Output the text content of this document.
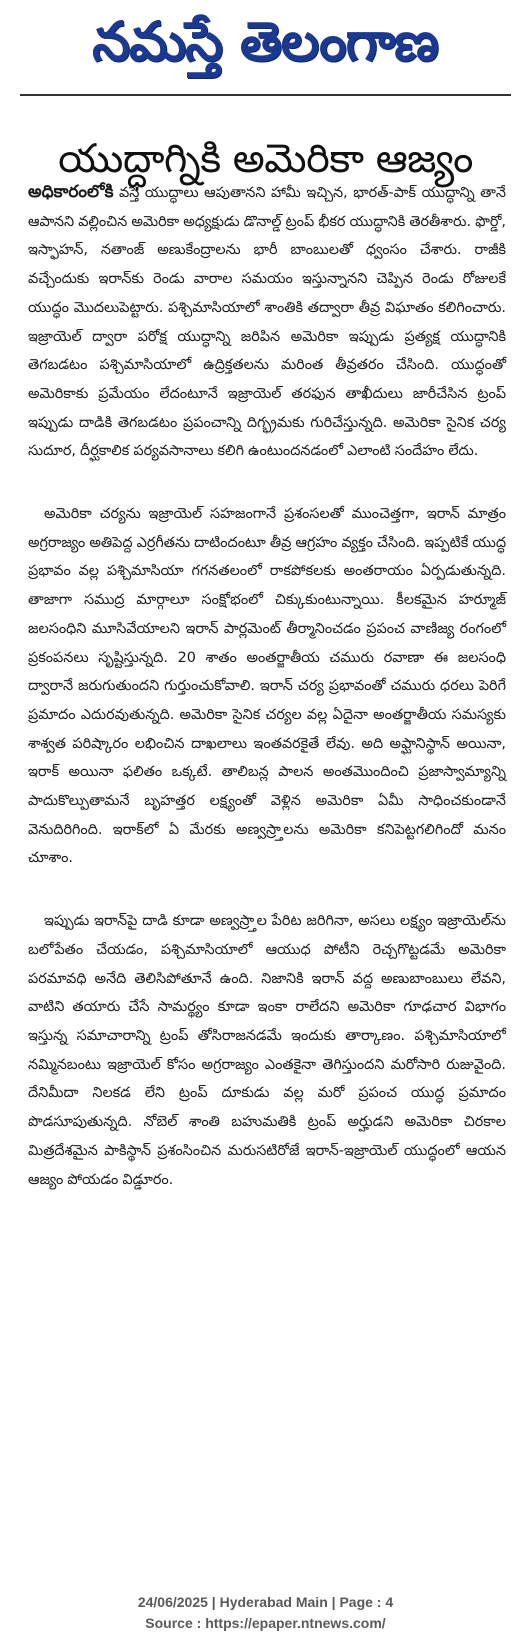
నమస్తే తెలంగాణ
యుద్ధాగ్నికి అమెరికా ఆజ్యం

అధికారంలోకి వస్తే యుద్ధాలు ఆపుతానని హామీ ఇచ్చిన, భారత్-పాక్ యుద్ధాన్ని తానే ఆపానని వల్లించిన అమెరికా అధ్యక్షుడు డొనాల్డ్ ట్రంప్ భీకర యుద్ధానికి తెరతీశారు. ఫొర్డో, ఇస్ఫాహన్, నతాంజ్ అణుకేంద్రాలను భారీ బాంబులతో ధ్వంసం చేశారు. రాజీకి వచ్చేందుకు ఇరాన్‌కు రెండు వారాల సమయం ఇస్తున్నానని చెప్పిన రెండు రోజులకే యుద్ధం మొదలుపెట్టారు. పశ్చిమాసియాలో శాంతికి తద్వారా తీవ్ర విఘాతం కలిగించారు. ఇజ్రాయెల్ ద్వారా పరోక్ష యుద్ధాన్ని జరిపిన అమెరికా ఇప్పుడు ప్రత్యక్ష యుద్ధానికి తెగబడటం పశ్చిమాసియాలో ఉద్రిక్తతలను మరింత తీవ్రతరం చేసింది. యుద్ధంతో అమెరికాకు ప్రమేయం లేదంటూనే ఇజ్రాయెల్ తరఫున తాఖీదులు జారీచేసిన ట్రంప్ ఇప్పుడు దాడికి తెగబడటం ప్రపంచాన్ని దిగ్భ్రమకు గురిచేస్తున్నది. అమెరికా సైనిక చర్య సుదూర, దీర్ఘకాలిక పర్యవసానాలు కలిగి ఉంటుందనడంలో ఎలాంటి సందేహం లేదు.

అమెరికా చర్యను ఇజ్రాయెల్ సహజంగానే ప్రశంసలతో ముంచెత్తగా, ఇరాన్ మాత్రం అగ్రరాజ్యం అతిపెద్ద ఎర్రగీతను దాటిందంటూ తీవ్ర ఆగ్రహం వ్యక్తం చేసింది. ఇప్పటికే యుద్ధ ప్రభావం వల్ల పశ్చిమాసియా గగనతలంలో రాకపోకలకు అంతరాయం ఏర్పడుతున్నది. తాజాగా సముద్ర మార్గాలూ సంక్షోభంలో చిక్కుకుంటున్నాయి. కీలకమైన హర్మూజ్ జలసంధిని మూసివేయాలని ఇరాన్ పార్లమెంట్ తీర్మానించడం ప్రపంచ వాణిజ్య రంగంలో ప్రకంపనలు సృష్టిస్తున్నది. 20 శాతం అంతర్జాతీయ చమురు రవాణా ఈ జలసంధి ద్వారానే జరుగుతుందని గుర్తుంచుకోవాలి. ఇరాన్ చర్య ప్రభావంతో చమురు ధరలు పెరిగే ప్రమాదం ఎదురవుతున్నది. అమెరికా సైనిక చర్యల వల్ల ఏదైనా అంతర్జాతీయ సమస్యకు శాశ్వత పరిష్కారం లభించిన దాఖలాలు ఇంతవరకైతే లేవు. అది అఫ్ఘానిస్థాన్ అయినా, ఇరాక్ అయినా ఫలితం ఒక్కటే. తాలిబన్ల పాలన అంతమొందించి ప్రజాస్వామ్యాన్ని పాదుకొల్పుతామనే బృహత్తర లక్ష్యంతో వెళ్లిన అమెరికా ఏమీ సాధించకుండానే వెనుదిరిగింది. ఇరాక్‌లో ఏ మేరకు అణ్వస్ర్తాలను అమెరికా కనిపెట్టగలిగిందో మనం చూశాం.

ఇప్పుడు ఇరాన్‌పై దాడి కూడా అణ్వస్ర్తాల పేరిట జరిగినా, అసలు లక్ష్యం ఇజ్రాయెల్‌ను బలోపేతం చేయడం, పశ్చిమాసియాలో ఆయుధ పోటీని రెచ్చగొట్టడమే అమెరికా పరమావధి అనేది తెలిసిపోతూనే ఉంది. నిజానికి ఇరాన్ వద్ద అణుబాంబులు లేవని, వాటిని తయారు చేసే సామర్థ్యం కూడా ఇంకా రాలేదని అమెరికా గూఢచార విభాగం ఇస్తున్న సమాచారాన్ని ట్రంప్ తోసిరాజనడమే ఇందుకు తార్కాణం. పశ్చిమాసియాలో నమ్మినబంటు ఇజ్రాయెల్ కోసం అగ్రరాజ్యం ఎంతకైనా తెగిస్తుందని మరోసారి రుజువైంది. దేనిమీదా నిలకడ లేని ట్రంప్ దూకుడు వల్ల మరో ప్రపంచ యుద్ధ ప్రమాదం పొడసూపుతున్నది. నోబెల్ శాంతి బహుమతికి ట్రంప్ అర్హుడని అమెరికా చిరకాల మిత్రదేశమైన పాకిస్థాన్ ప్రశంసించిన మరుసటిరోజే ఇరాన్-ఇజ్రాయెల్ యుద్ధంలో ఆయన ఆజ్యం పోయడం విడ్డూరం.

24/06/2025 | Hyderabad Main | Page : 4
Source : https://epaper.ntnews.com/
